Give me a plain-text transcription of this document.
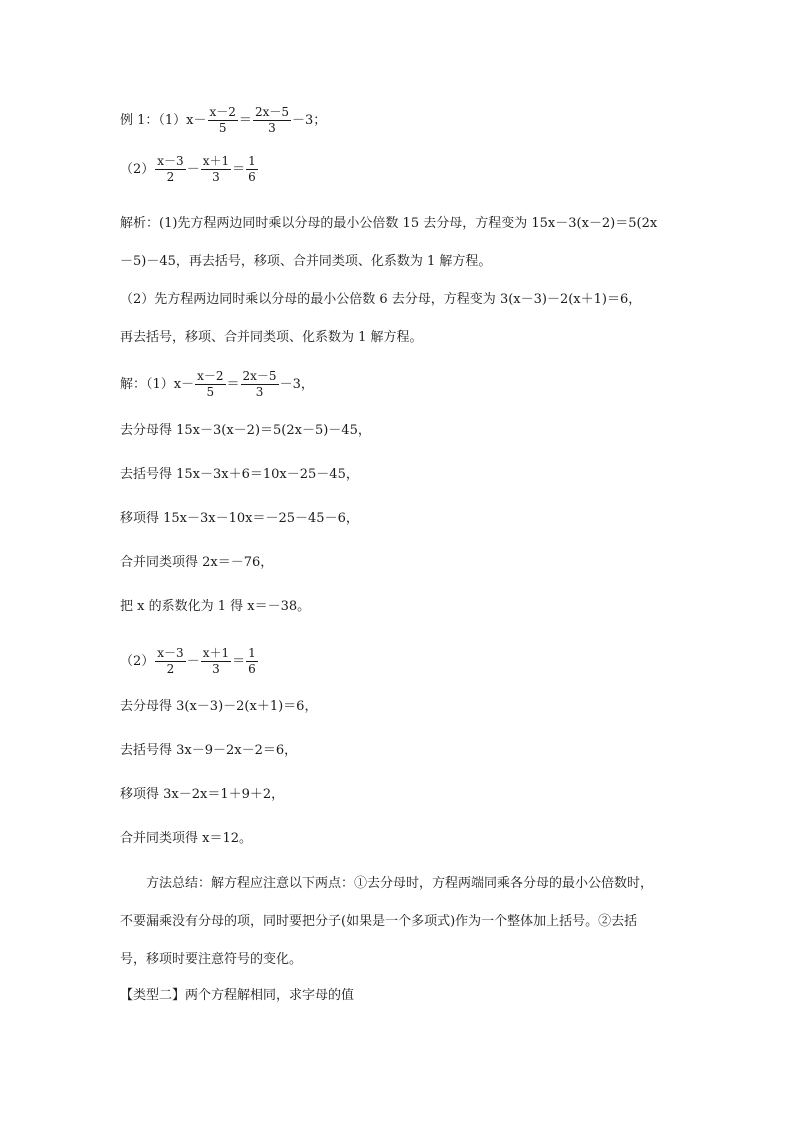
例 1：$(1)x- \frac{x-2}{5} = \frac{2x-5}{3} -3$；
$(2) \frac{x-3}{2} - \frac{x+1}{3} = \frac{1}{6}$
解析：(1)先方程两边同时乘以分母的最小公倍数 15 去分母，方程变为 15x－3(x－2)＝5(2x
－5)－45，再去括号，移项、合并同类项、化系数为 1 解方程。
（2）先方程两边同时乘以分母的最小公倍数 6 去分母，方程变为 3(x－3)－2(x＋1)＝6，
再去括号，移项、合并同类项、化系数为 1 解方程。
解：$(1)x- \frac{x-2}{5} = \frac{2x-5}{3} -3$，
去分母得 15x－3(x－2)＝5(2x－5)－45，
去括号得 15x－3x＋6＝10x－25－45，
移项得 15x－3x－10x＝－25－45－6，
合并同类项得 2x＝－76，
把 x 的系数化为 1 得 x＝－38。
$(2) \frac{x-3}{2} - \frac{x+1}{3} = \frac{1}{6}$
去分母得 3(x－3)－2(x＋1)＝6，
去括号得 3x－9－2x－2＝6，
移项得 3x－2x＝1＋9＋2，
合并同类项得 x＝12。
方法总结：解方程应注意以下两点：①去分母时，方程两端同乘各分母的最小公倍数时，
不要漏乘没有分母的项，同时要把分子(如果是一个多项式)作为一个整体加上括号。②去括
号，移项时要注意符号的变化。
【类型二】两个方程解相同，求字母的值
